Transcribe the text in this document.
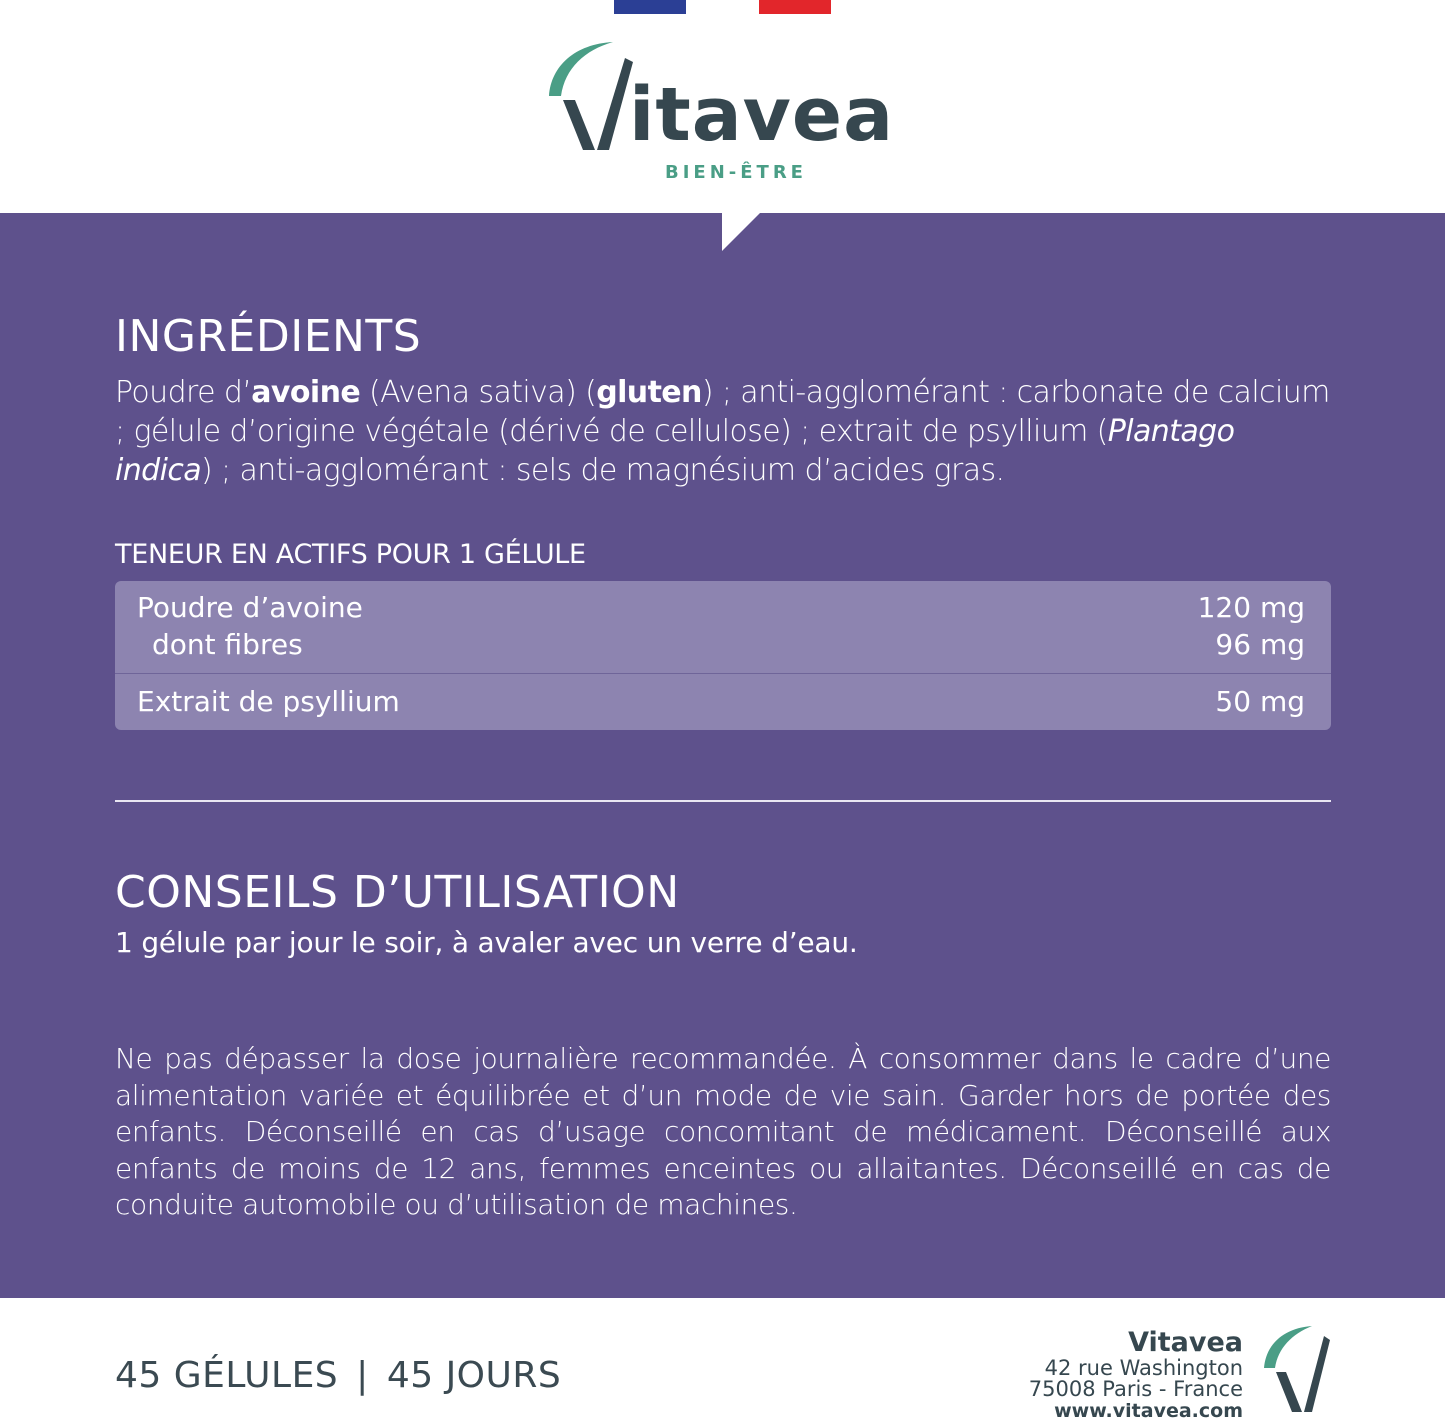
itavea
BIEN-ÊTRE
INGRÉDIENTS
Poudre d’avoine (Avena sativa) (gluten) ; anti-agglomérant : carbonate de calcium ; gélule d’origine végétale (dérivé de cellulose) ; extrait de psyllium (Plantago indica) ; anti-agglomérant : sels de magnésium d’acides gras.
TENEUR EN ACTIFS POUR 1 GÉLULE
Poudre d’avoine	120 mg
dont fibres	96 mg
Extrait de psyllium	50 mg
CONSEILS D’UTILISATION
1 gélule par jour le soir, à avaler avec un verre d’eau.
Ne pas dépasser la dose journalière recommandée. À consommer dans le cadre d’une alimentation variée et équilibrée et d’un mode de vie sain. Garder hors de portée des enfants. Déconseillé en cas d’usage concomitant de médicament. Déconseillé aux enfants de moins de 12 ans, femmes enceintes ou allaitantes. Déconseillé en cas de conduite automobile ou d’utilisation de machines.
45 GÉLULES | 45 JOURS
Vitavea
42 rue Washington
75008 Paris - France
www.vitavea.com
